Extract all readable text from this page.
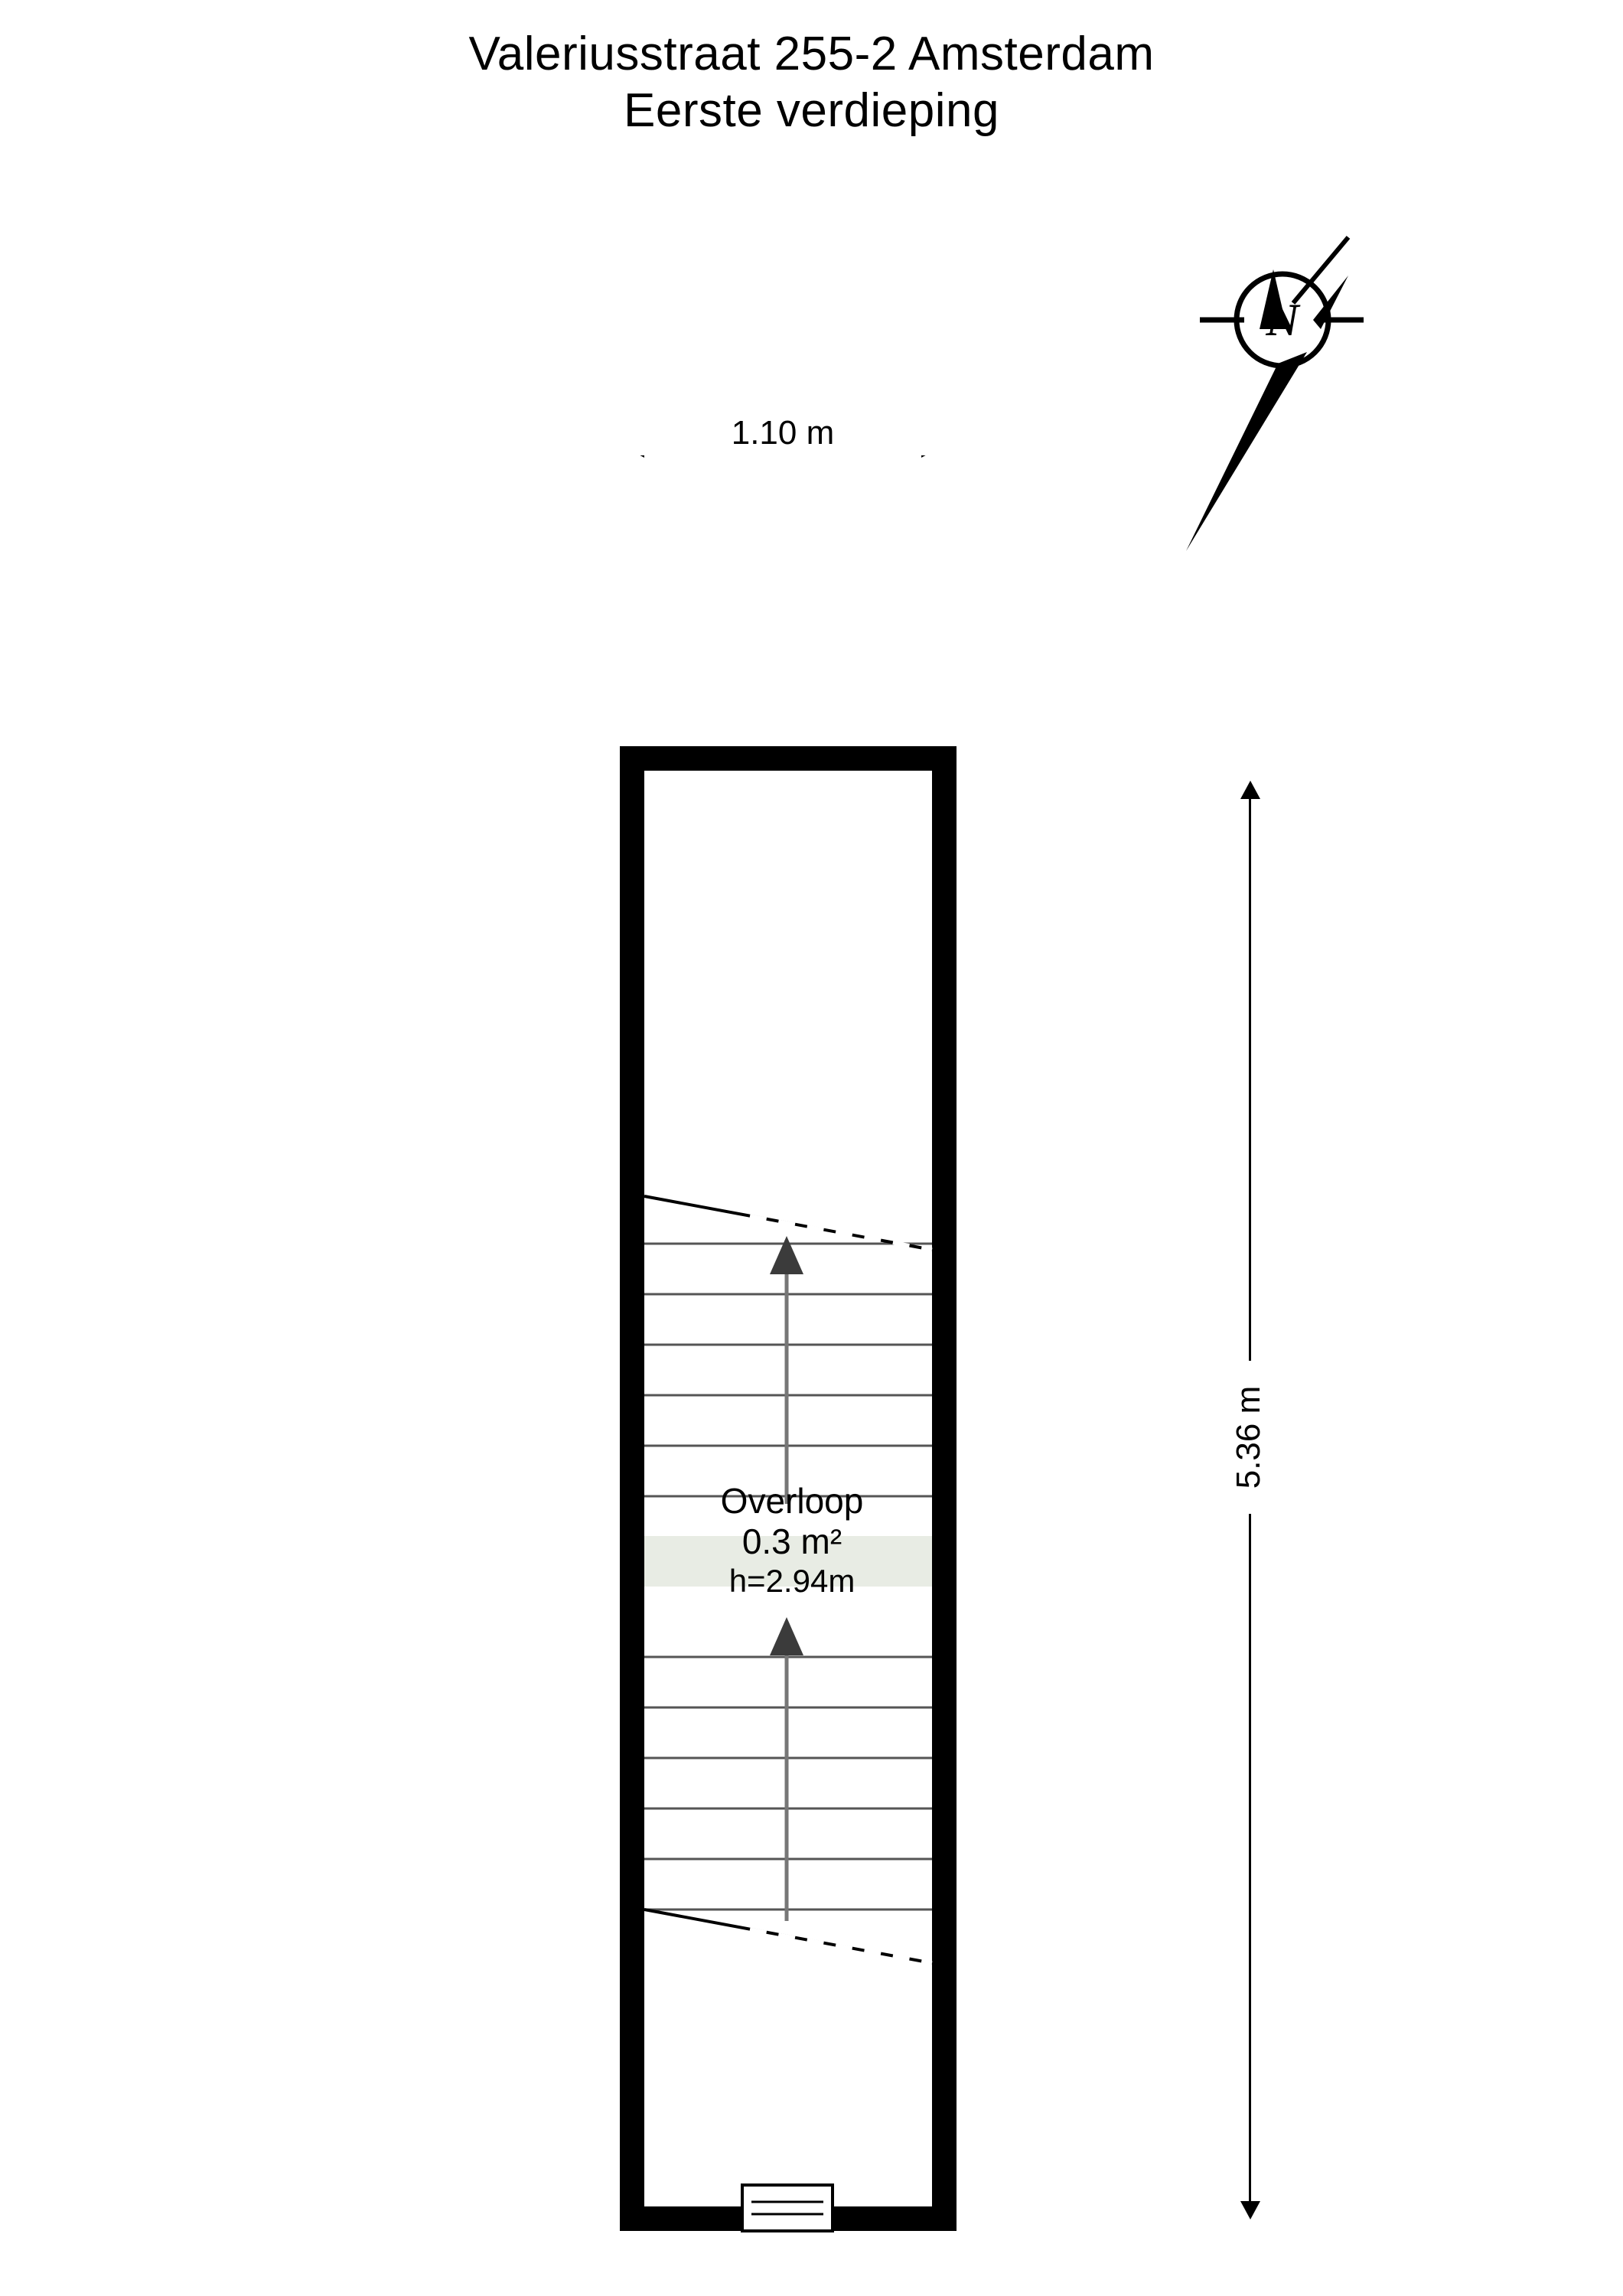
Valeriusstraat 255-2 Amsterdam
Eerste verdieping
1.10 m
5.36 m
N
Overloop
0.3 m²
h=2.94m
